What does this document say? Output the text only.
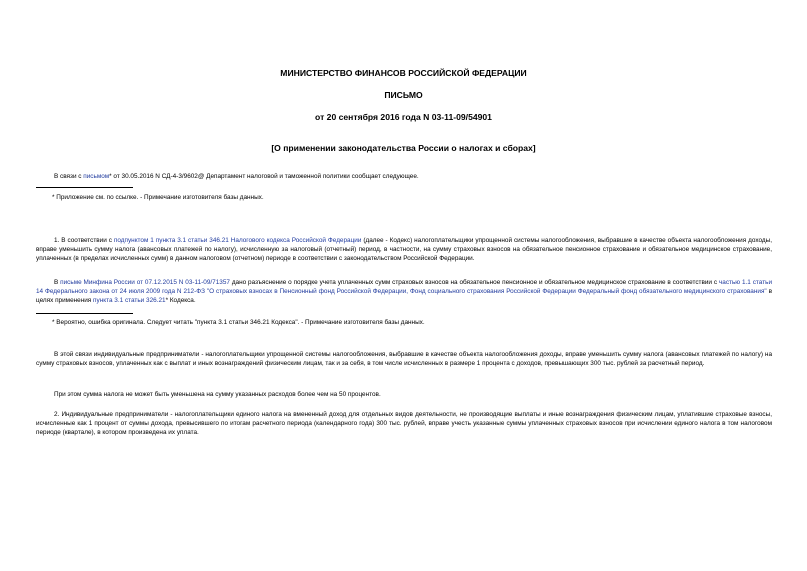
МИНИСТЕРСТВО ФИНАНСОВ РОССИЙСКОЙ ФЕДЕРАЦИИ
ПИСЬМО
от 20 сентября 2016 года N 03-11-09/54901
[О применении законодательства России о налогах и сборах]
В связи с письмом* от 30.05.2016 N СД-4-3/9602@ Департамент налоговой и таможенной политики сообщает следующее.
* Приложение см. по ссылке. - Примечание изготовителя базы данных.
1. В соответствии с подпунктом 1 пункта 3.1 статьи 346.21 Налогового кодекса Российской Федерации (далее - Кодекс) налогоплательщики упрощенной системы налогообложения, выбравшие в качестве объекта налогообложения доходы, вправе уменьшить сумму налога (авансовых платежей по налогу), исчисленную за налоговый (отчетный) период, в частности, на сумму страховых взносов на обязательное пенсионное страхование и обязательное медицинское страхование, уплаченных (в пределах исчисленных сумм) в данном налоговом (отчетном) периоде в соответствии с законодательством Российской Федерации.
В письме Минфина России от 07.12.2015 N 03-11-09/71357 дано разъяснение о порядке учета уплаченных сумм страховых взносов на обязательное пенсионное и обязательное медицинское страхование в соответствии с частью 1.1 статьи 14 Федерального закона от 24 июля 2009 года N 212-ФЗ "О страховых взносах в Пенсионный фонд Российской Федерации, Фонд социального страхования Российской Федерации Федеральный фонд обязательного медицинского страхования" в целях применения пункта 3.1 статьи 326.21* Кодекса.
* Вероятно, ошибка оригинала. Следует читать "пункта 3.1 статьи 346.21 Кодекса". - Примечание изготовителя базы данных.
В этой связи индивидуальные предприниматели - налогоплательщики упрощенной системы налогообложения, выбравшие в качестве объекта налогообложения доходы, вправе уменьшить сумму налога (авансовых платежей по налогу) на сумму страховых взносов, уплаченных как с выплат и иных вознаграждений физическим лицам, так и за себя, в том числе исчисленных в размере 1 процента с доходов, превышающих 300 тыс. рублей за расчетный период.
При этом сумма налога не может быть уменьшена на сумму указанных расходов более чем на 50 процентов.
2. Индивидуальные предприниматели - налогоплательщики единого налога на вмененный доход для отдельных видов деятельности, не производящие выплаты и иные вознаграждения физическим лицам, уплатившие страховые взносы, исчисленные как 1 процент от суммы дохода, превысившего по итогам расчетного периода (календарного года) 300 тыс. рублей, вправе учесть указанные суммы уплаченных страховых взносов при исчислении единого налога в том налоговом периоде (квартале), в котором произведена их уплата.
